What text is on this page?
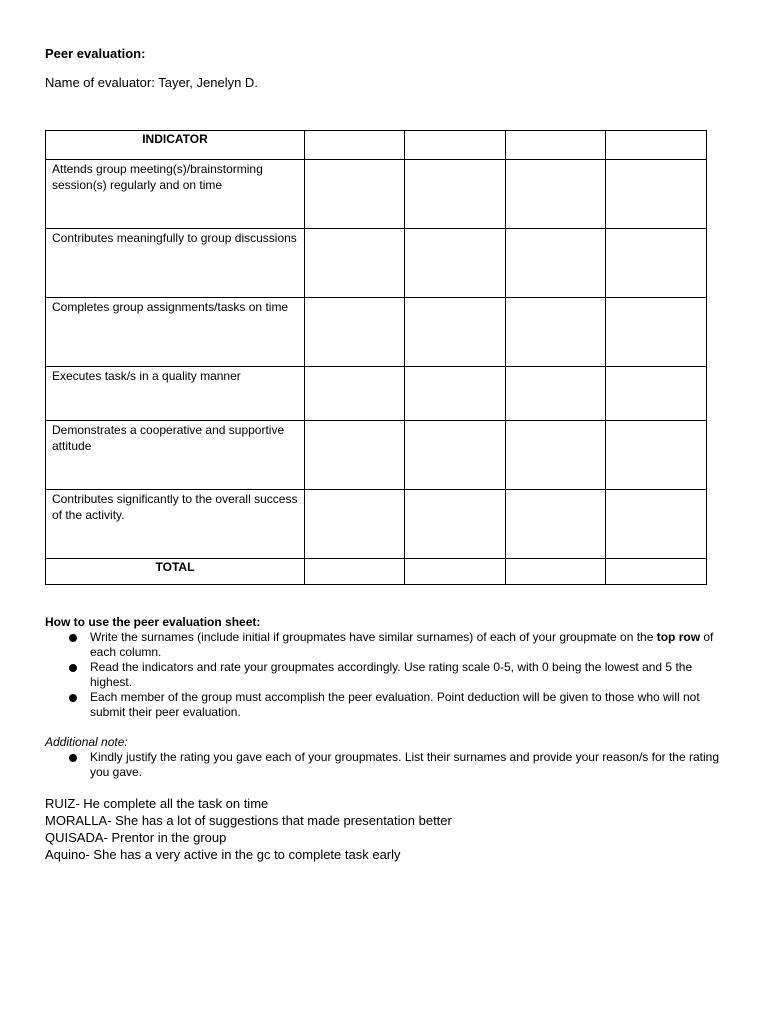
Peer evaluation:
Name of evaluator: Tayer, Jenelyn D.
INDICATOR				
Attends group meeting(s)/brainstorming session(s) regularly and on time				
Contributes meaningfully to group discussions				
Completes group assignments/tasks on time				
Executes task/s in a quality manner				
Demonstrates a cooperative and supportive attitude				
Contributes significantly to the overall success of the activity.				
TOTAL				
How to use the peer evaluation sheet:
Write the surnames (include initial if groupmates have similar surnames) of each of your groupmate on the top row of each column.
Read the indicators and rate your groupmates accordingly. Use rating scale 0-5, with 0 being the lowest and 5 the highest.
Each member of the group must accomplish the peer evaluation. Point deduction will be given to those who will not submit their peer evaluation.
Additional note:
Kindly justify the rating you gave each of your groupmates. List their surnames and provide your reason/s for the rating you gave.
RUIZ- He complete all the task on time
MORALLA- She has a lot of suggestions that made presentation better
QUISADA- Prentor in the group
Aquino- She has a very active in the gc to complete task early
